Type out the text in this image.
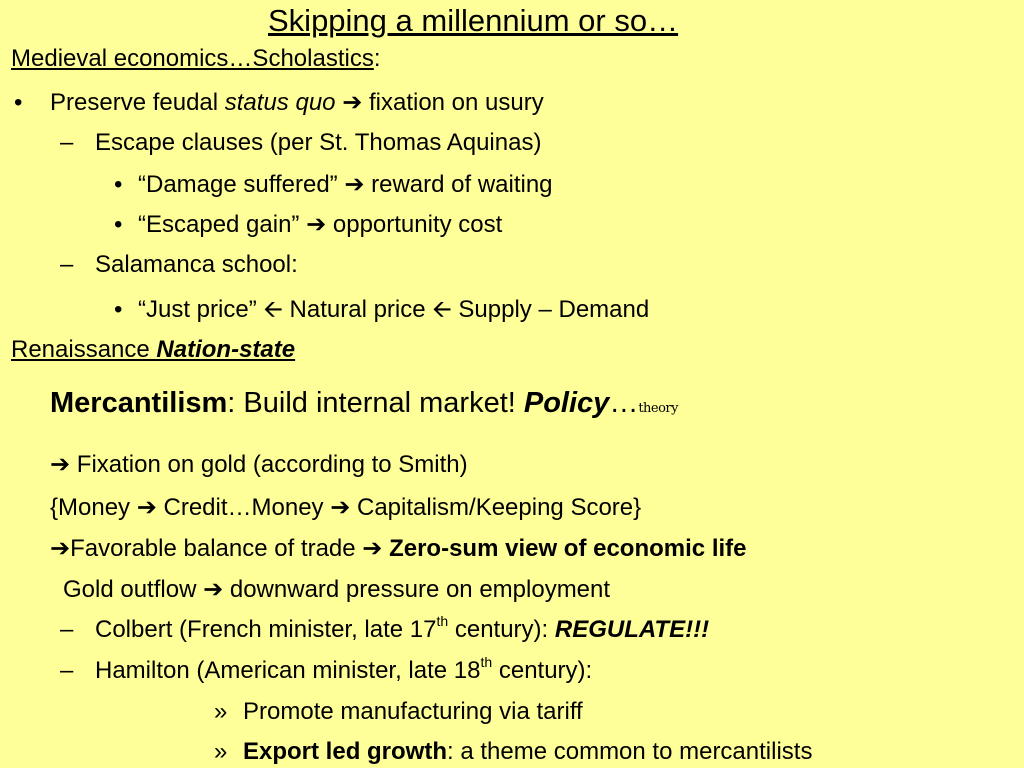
Skipping a millennium or so…
Medieval economics…Scholastics:
• Preserve feudal status quo ➔ fixation on usury
– Escape clauses (per St. Thomas Aquinas)
• “Damage suffered” ➔ reward of waiting
• “Escaped gain” ➔ opportunity cost
– Salamanca school:
• “Just price” 🡨 Natural price 🡨 Supply – Demand
Renaissance Nation-state
Mercantilism: Build internal market! Policy…theory
➔ Fixation on gold (according to Smith)
{Money ➔ Credit…Money ➔ Capitalism/Keeping Score}
➔Favorable balance of trade ➔ Zero-sum view of economic life
Gold outflow ➔ downward pressure on employment
– Colbert (French minister, late 17th century): REGULATE!!!
– Hamilton (American minister, late 18th century):
» Promote manufacturing via tariff
» Export led growth: a theme common to mercantilists
